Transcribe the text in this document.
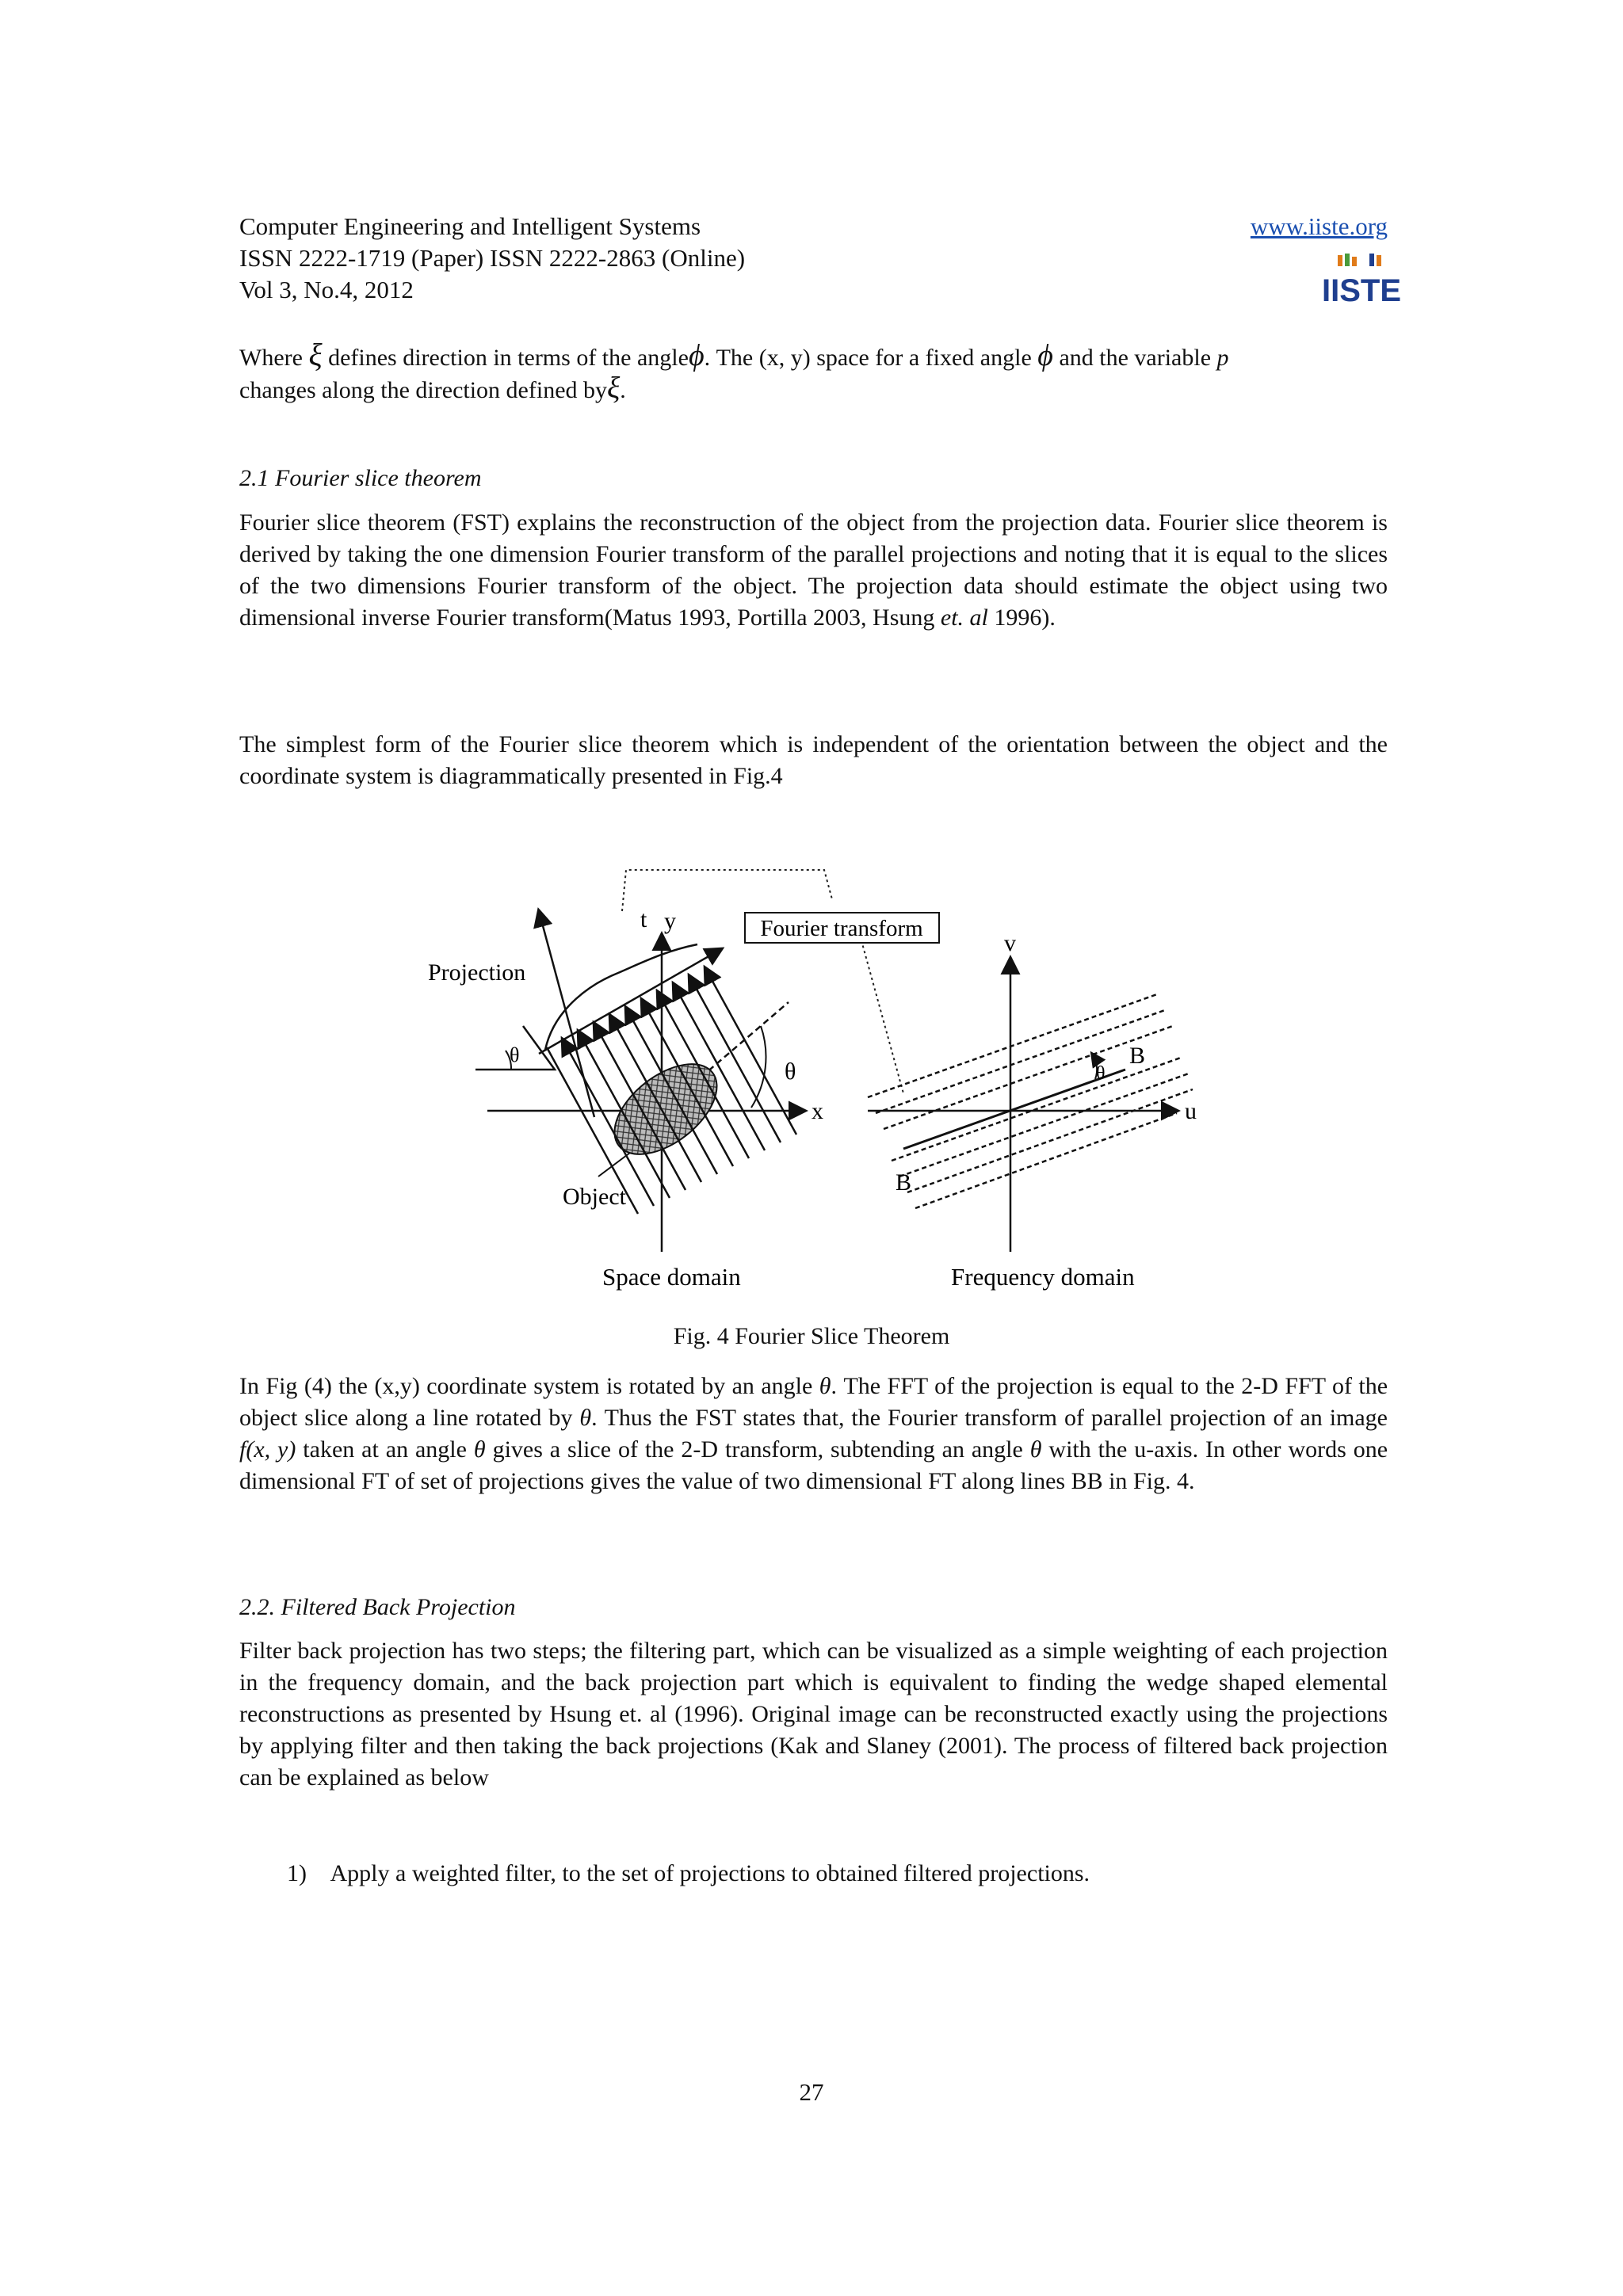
Computer Engineering and Intelligent Systems
ISSN 2222-1719 (Paper) ISSN 2222-2863 (Online)
Vol 3, No.4, 2012
www.iiste.org
IISTE
Where ξ defines direction in terms of the angleϕ. The (x, y) space for a fixed angle ϕ and the variable p
changes along the direction defined byξ.
2.1 Fourier slice theorem
Fourier slice theorem (FST) explains the reconstruction of the object from the projection data. Fourier slice theorem is derived by taking the one dimension Fourier transform of the parallel projections and noting that it is equal to the slices of the two dimensions Fourier transform of the object. The projection data should estimate the object using two dimensional inverse Fourier transform(Matus 1993, Portilla 2003, Hsung et. al 1996).
The simplest form of the Fourier slice theorem which is independent of the orientation between the object and the coordinate system is diagrammatically presented in Fig.4
Fourier transform
x
y
θ
t
θ
Projection
Object
Space domain
u
v
B
B
θ
Frequency domain
Fig. 4 Fourier Slice Theorem
In Fig (4) the (x,y) coordinate system is rotated by an angle θ. The FFT of the projection is equal to the 2-D FFT of the object slice along a line rotated by θ. Thus the FST states that, the Fourier transform of parallel projection of an image f(x, y) taken at an angle θ gives a slice of the 2-D transform, subtending an angle θ with the u-axis. In other words one dimensional FT of set of projections gives the value of two dimensional FT along lines BB in Fig. 4.
2.2. Filtered Back Projection
Filter back projection has two steps; the filtering part, which can be visualized as a simple weighting of each projection in the frequency domain, and the back projection part which is equivalent to finding the wedge shaped elemental reconstructions as presented by Hsung et. al (1996). Original image can be reconstructed exactly using the projections by applying filter and then taking the back projections (Kak and Slaney (2001). The process of filtered back projection can be explained as below
1) Apply a weighted filter, to the set of projections to obtained filtered projections.
27
